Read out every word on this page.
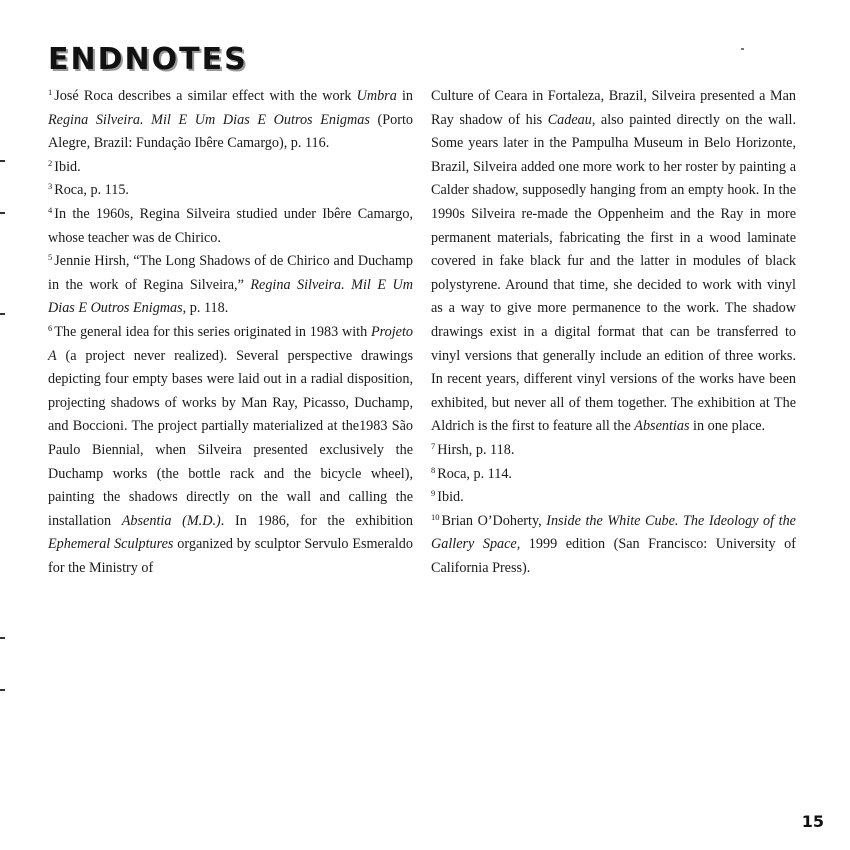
ENDNOTES

$^1$ José Roca describes a similar effect with the work Umbra in Regina Silveira. Mil E Um Dias E Outros Enigmas (Porto Alegre, Brazil: Fundação Ibêre Camargo), p. 116.

$^2$ Ibid.

$^3$ Roca, p. 115.

$^4$ In the 1960s, Regina Silveira studied under Ibêre Camargo, whose teacher was de Chirico.

$^5$ Jennie Hirsh, “The Long Shadows of de Chirico and Duchamp in the work of Regina Silveira,” Regina Silveira. Mil E Um Dias E Outros Enigmas, p. 118.

$^6$ The general idea for this series originated in 1983 with Projeto A (a project never realized). Several perspective drawings depicting four empty bases were laid out in a radial disposition, projecting shadows of works by Man Ray, Picasso, Duchamp, and Boccioni. The project partially materialized at the1983 São Paulo Biennial, when Silveira presented exclusively the Duchamp works (the bottle rack and the bicycle wheel), painting the shadows directly on the wall and calling the installation Absentia (M.D.). In 1986, for the exhibition Ephemeral Sculptures organized by sculptor Servulo Esmeraldo for the Ministry of

Culture of Ceara in Fortaleza, Brazil, Silveira presented a Man Ray shadow of his Cadeau, also painted directly on the wall. Some years later in the Pampulha Museum in Belo Horizonte, Brazil, Silveira added one more work to her roster by painting a Calder shadow, supposedly hanging from an empty hook. In the 1990s Silveira re-made the Oppenheim and the Ray in more permanent materials, fabricating the first in a wood laminate covered in fake black fur and the latter in modules of black polystyrene. Around that time, she decided to work with vinyl as a way to give more permanence to the work. The shadow drawings exist in a digital format that can be transferred to vinyl versions that generally include an edition of three works. In recent years, different vinyl versions of the works have been exhibited, but never all of them together. The exhibition at The Aldrich is the first to feature all the Absentias in one place.

$^7$ Hirsh, p. 118.

$^8$ Roca, p. 114.

$^9$ Ibid.

$^{10}$ Brian O’Doherty, Inside the White Cube. The Ideology of the Gallery Space, 1999 edition (San Francisco: University of California Press).

15
